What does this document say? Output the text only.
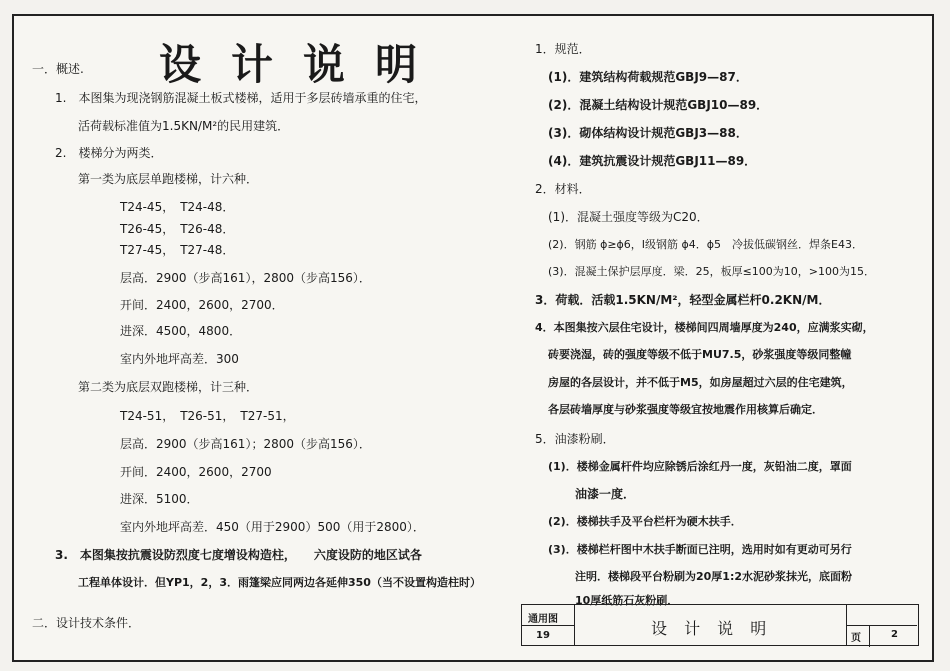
设计说明
一．概述.
1.　本图集为现浇钢筋混凝土板式楼梯，适用于多层砖墙承重的住宅，
活荷载标准值为1.5KN/M²的民用建筑．
2.　楼梯分为两类．
第一类为底层单跑楼梯，计六种．
T24-45，　T24-48．
T26-45，　T26-48．
T27-45，　T27-48．
层高．2900（步高161），2800（步高156）．
开间．2400，2600，2700．
进深．4500，4800．
室内外地坪高差．300
第二类为底层双跑楼梯，计三种．
T24-51，　T26-51，　T27-51，
层高．2900（步高161）；2800（步高156）．
开间．2400，2600，2700
进深．5100．
室内外地坪高差．450（用于2900）500（用于2800）．
3.　本图集按抗震设防烈度七度增设构造柱，　　六度设防的地区试各
工程单体设计．但YP1，2，3．雨篷梁应同两边各延伸350（当不设置构造柱时）
二．设计技术条件．
1．规范．
(1)．建筑结构荷载规范GBJ9—87．
(2)．混凝土结构设计规范GBJ10—89．
(3)．砌体结构设计规范GBJ3—88．
(4)．建筑抗震设计规范GBJ11—89．
2．材料．
(1)．混凝土强度等级为C20．
(2)．钢筋 ɸ≥ɸ6，Ⅰ级钢筋 ɸ4．ɸ5　冷拔低碳钢丝．焊条E43．
(3)．混凝土保护层厚度．梁．25，板厚≤100为10，>100为15．
3．荷载．活载1.5KN/M²，轻型金属栏杆0.2KN/M．
4．本图集按六层住宅设计，楼梯间四周墙厚度为240，应满浆实砌，
砖要浇湿，砖的强度等级不低于MU7.5，砂浆强度等级同整幢
房屋的各层设计，并不低于M5，如房屋超过六层的住宅建筑，
各层砖墙厚度与砂浆强度等级宜按地震作用核算后确定．
5．油漆粉刷．
(1)．楼梯金属杆件均应除锈后涂红丹一度，灰铅油二度，罩面
油漆一度．
(2)．楼梯扶手及平台栏杆为硬木扶手．
(3)．楼梯栏杆图中木扶手断面已注明，选用时如有更动可另行
注明．楼梯段平台粉刷为20厚1:2水泥砂浆抹光，底面粉
10厚纸筋石灰粉刷．
通用图
19	设 计 说 明
页	2
